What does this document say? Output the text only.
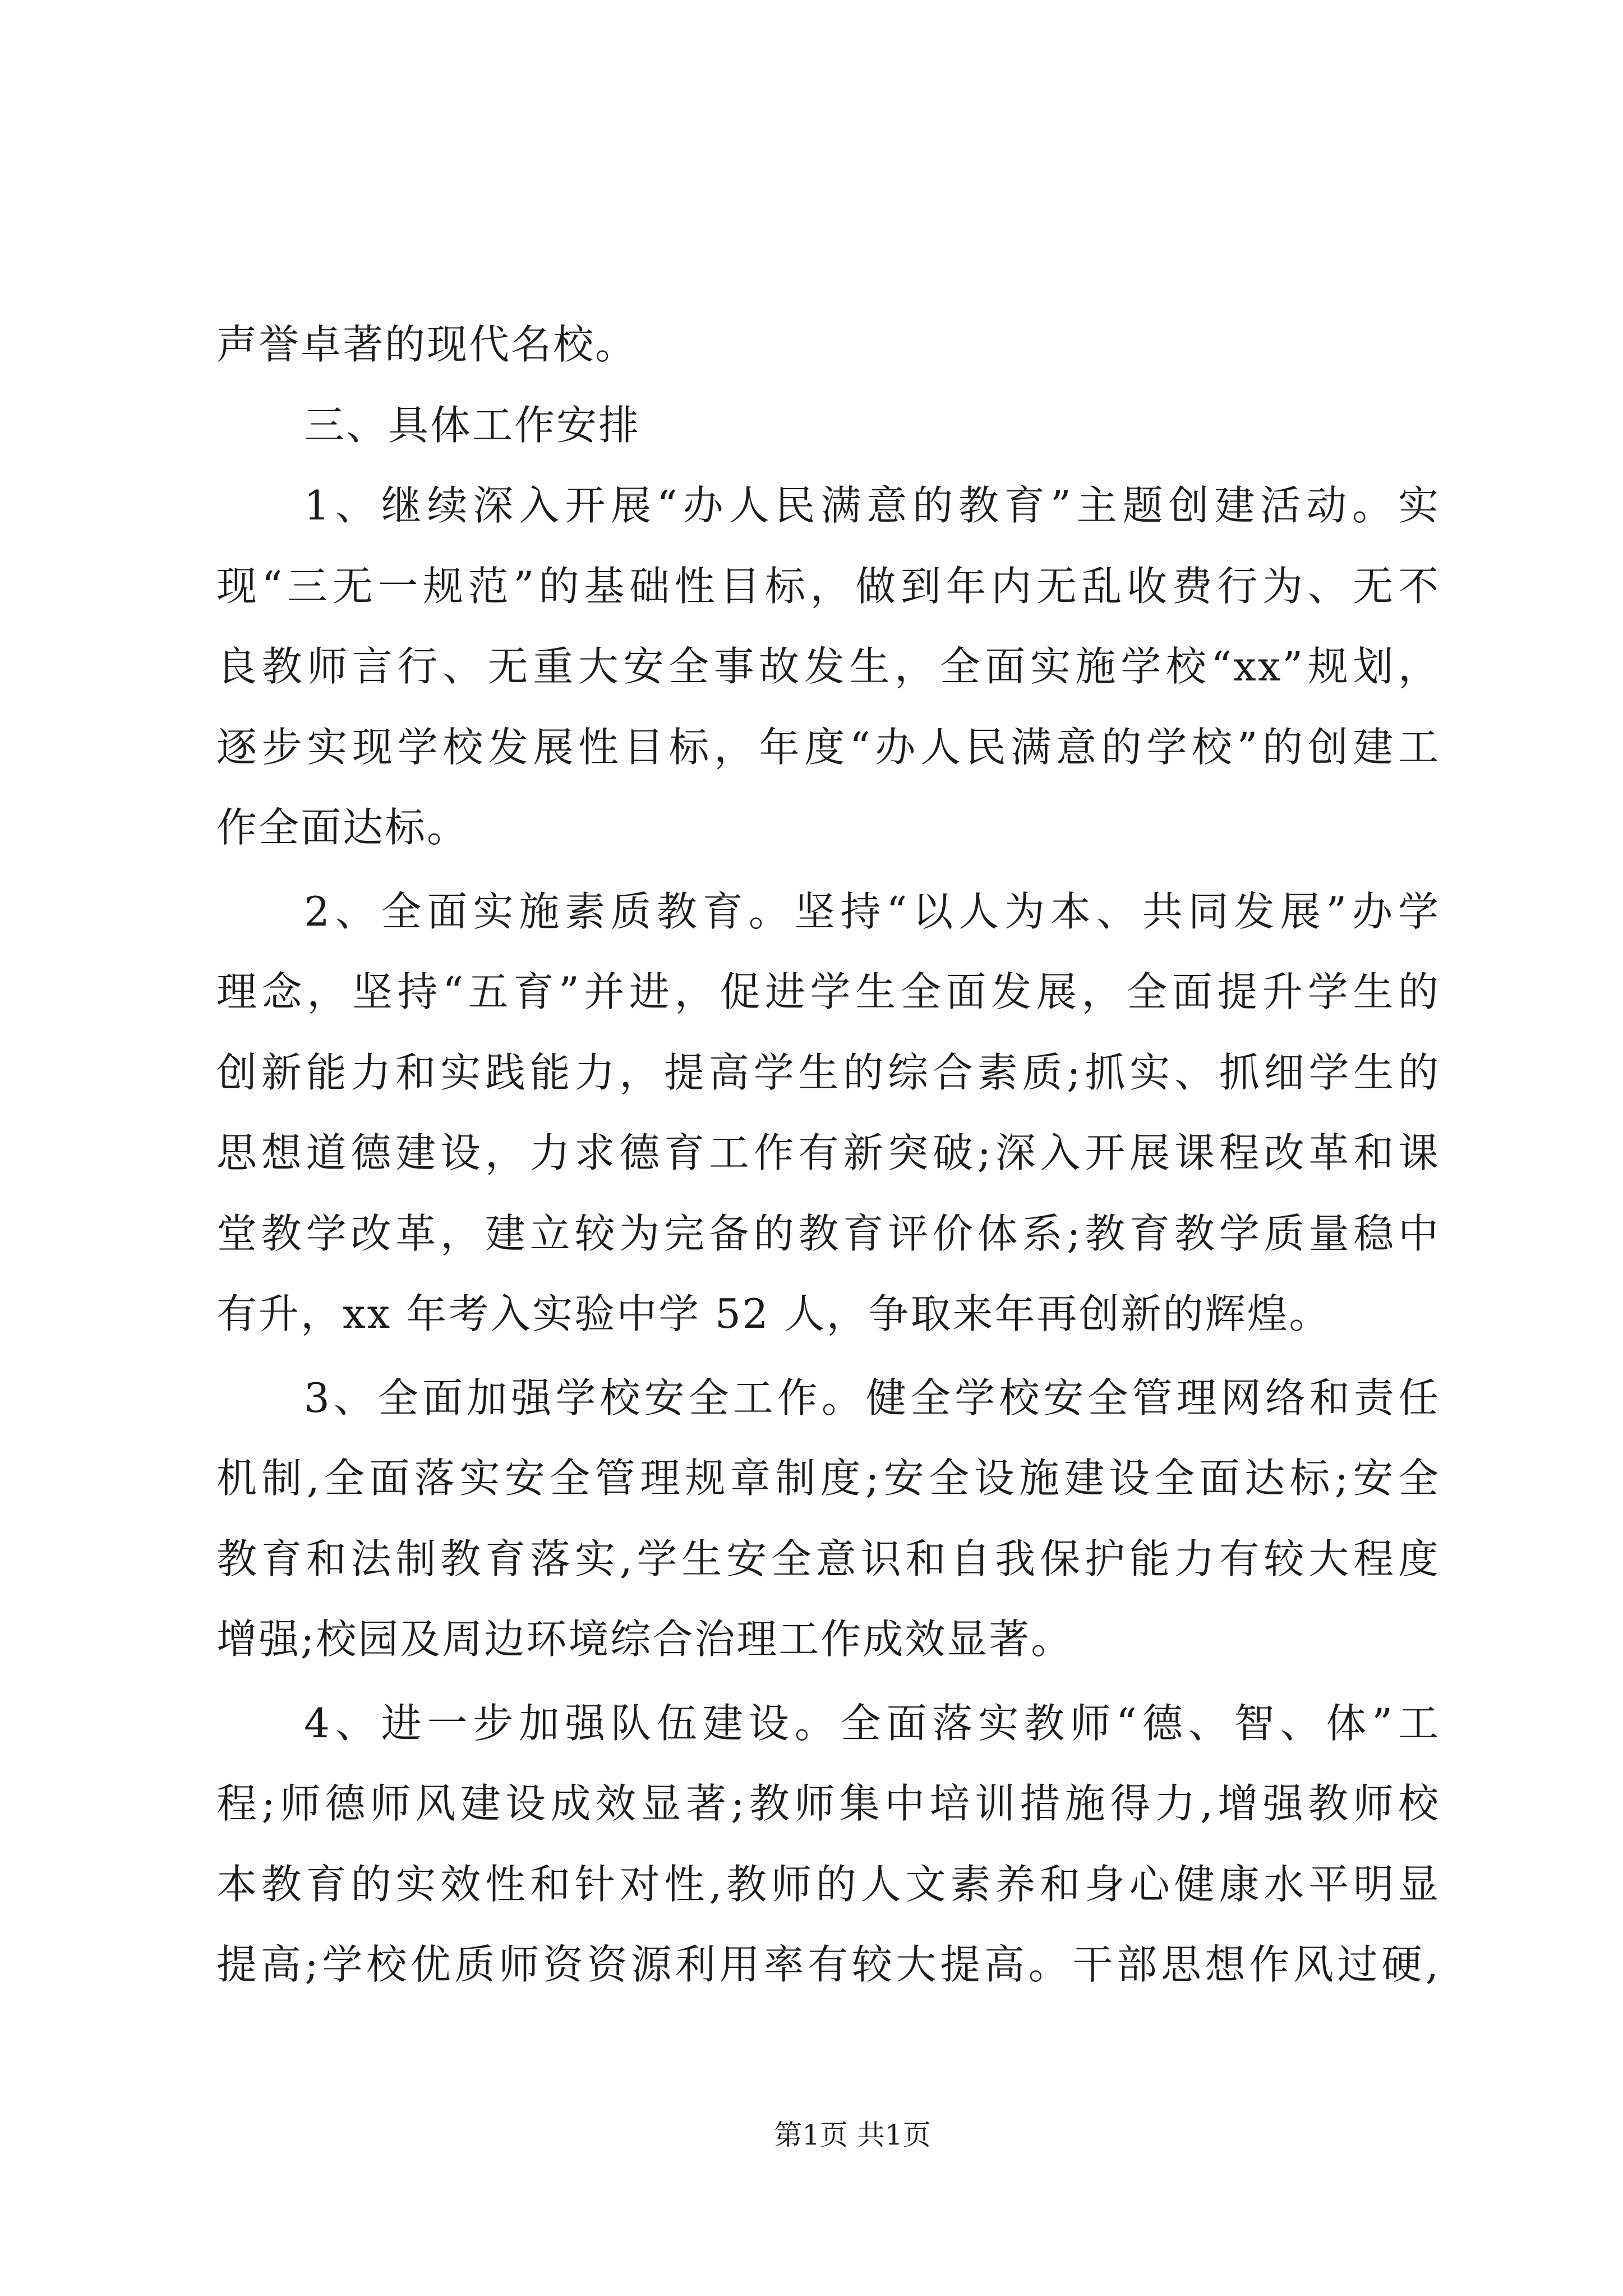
声誉卓著的现代名校。

三、具体工作安排

1、继续深入开展“办人民满意的教育”主题创建活动。实
现“三无一规范”的基础性目标，做到年内无乱收费行为、无不
良教师言行、无重大安全事故发生，全面实施学校“xx”规划，
逐步实现学校发展性目标，年度“办人民满意的学校”的创建工
作全面达标。

2、全面实施素质教育。坚持“以人为本、共同发展”办学
理念，坚持“五育”并进，促进学生全面发展，全面提升学生的
创新能力和实践能力，提高学生的综合素质;抓实、抓细学生的
思想道德建设，力求德育工作有新突破;深入开展课程改革和课
堂教学改革，建立较为完备的教育评价体系;教育教学质量稳中
有升，xx 年考入实验中学 52 人，争取来年再创新的辉煌。

3、全面加强学校安全工作。健全学校安全管理网络和责任
机制,全面落实安全管理规章制度;安全设施建设全面达标;安全
教育和法制教育落实,学生安全意识和自我保护能力有较大程度
增强;校园及周边环境综合治理工作成效显著。

4、进一步加强队伍建设。全面落实教师“德、智、体”工
程;师德师风建设成效显著;教师集中培训措施得力,增强教师校
本教育的实效性和针对性,教师的人文素养和身心健康水平明显
提高;学校优质师资资源利用率有较大提高。干部思想作风过硬,

第1页 共1页
